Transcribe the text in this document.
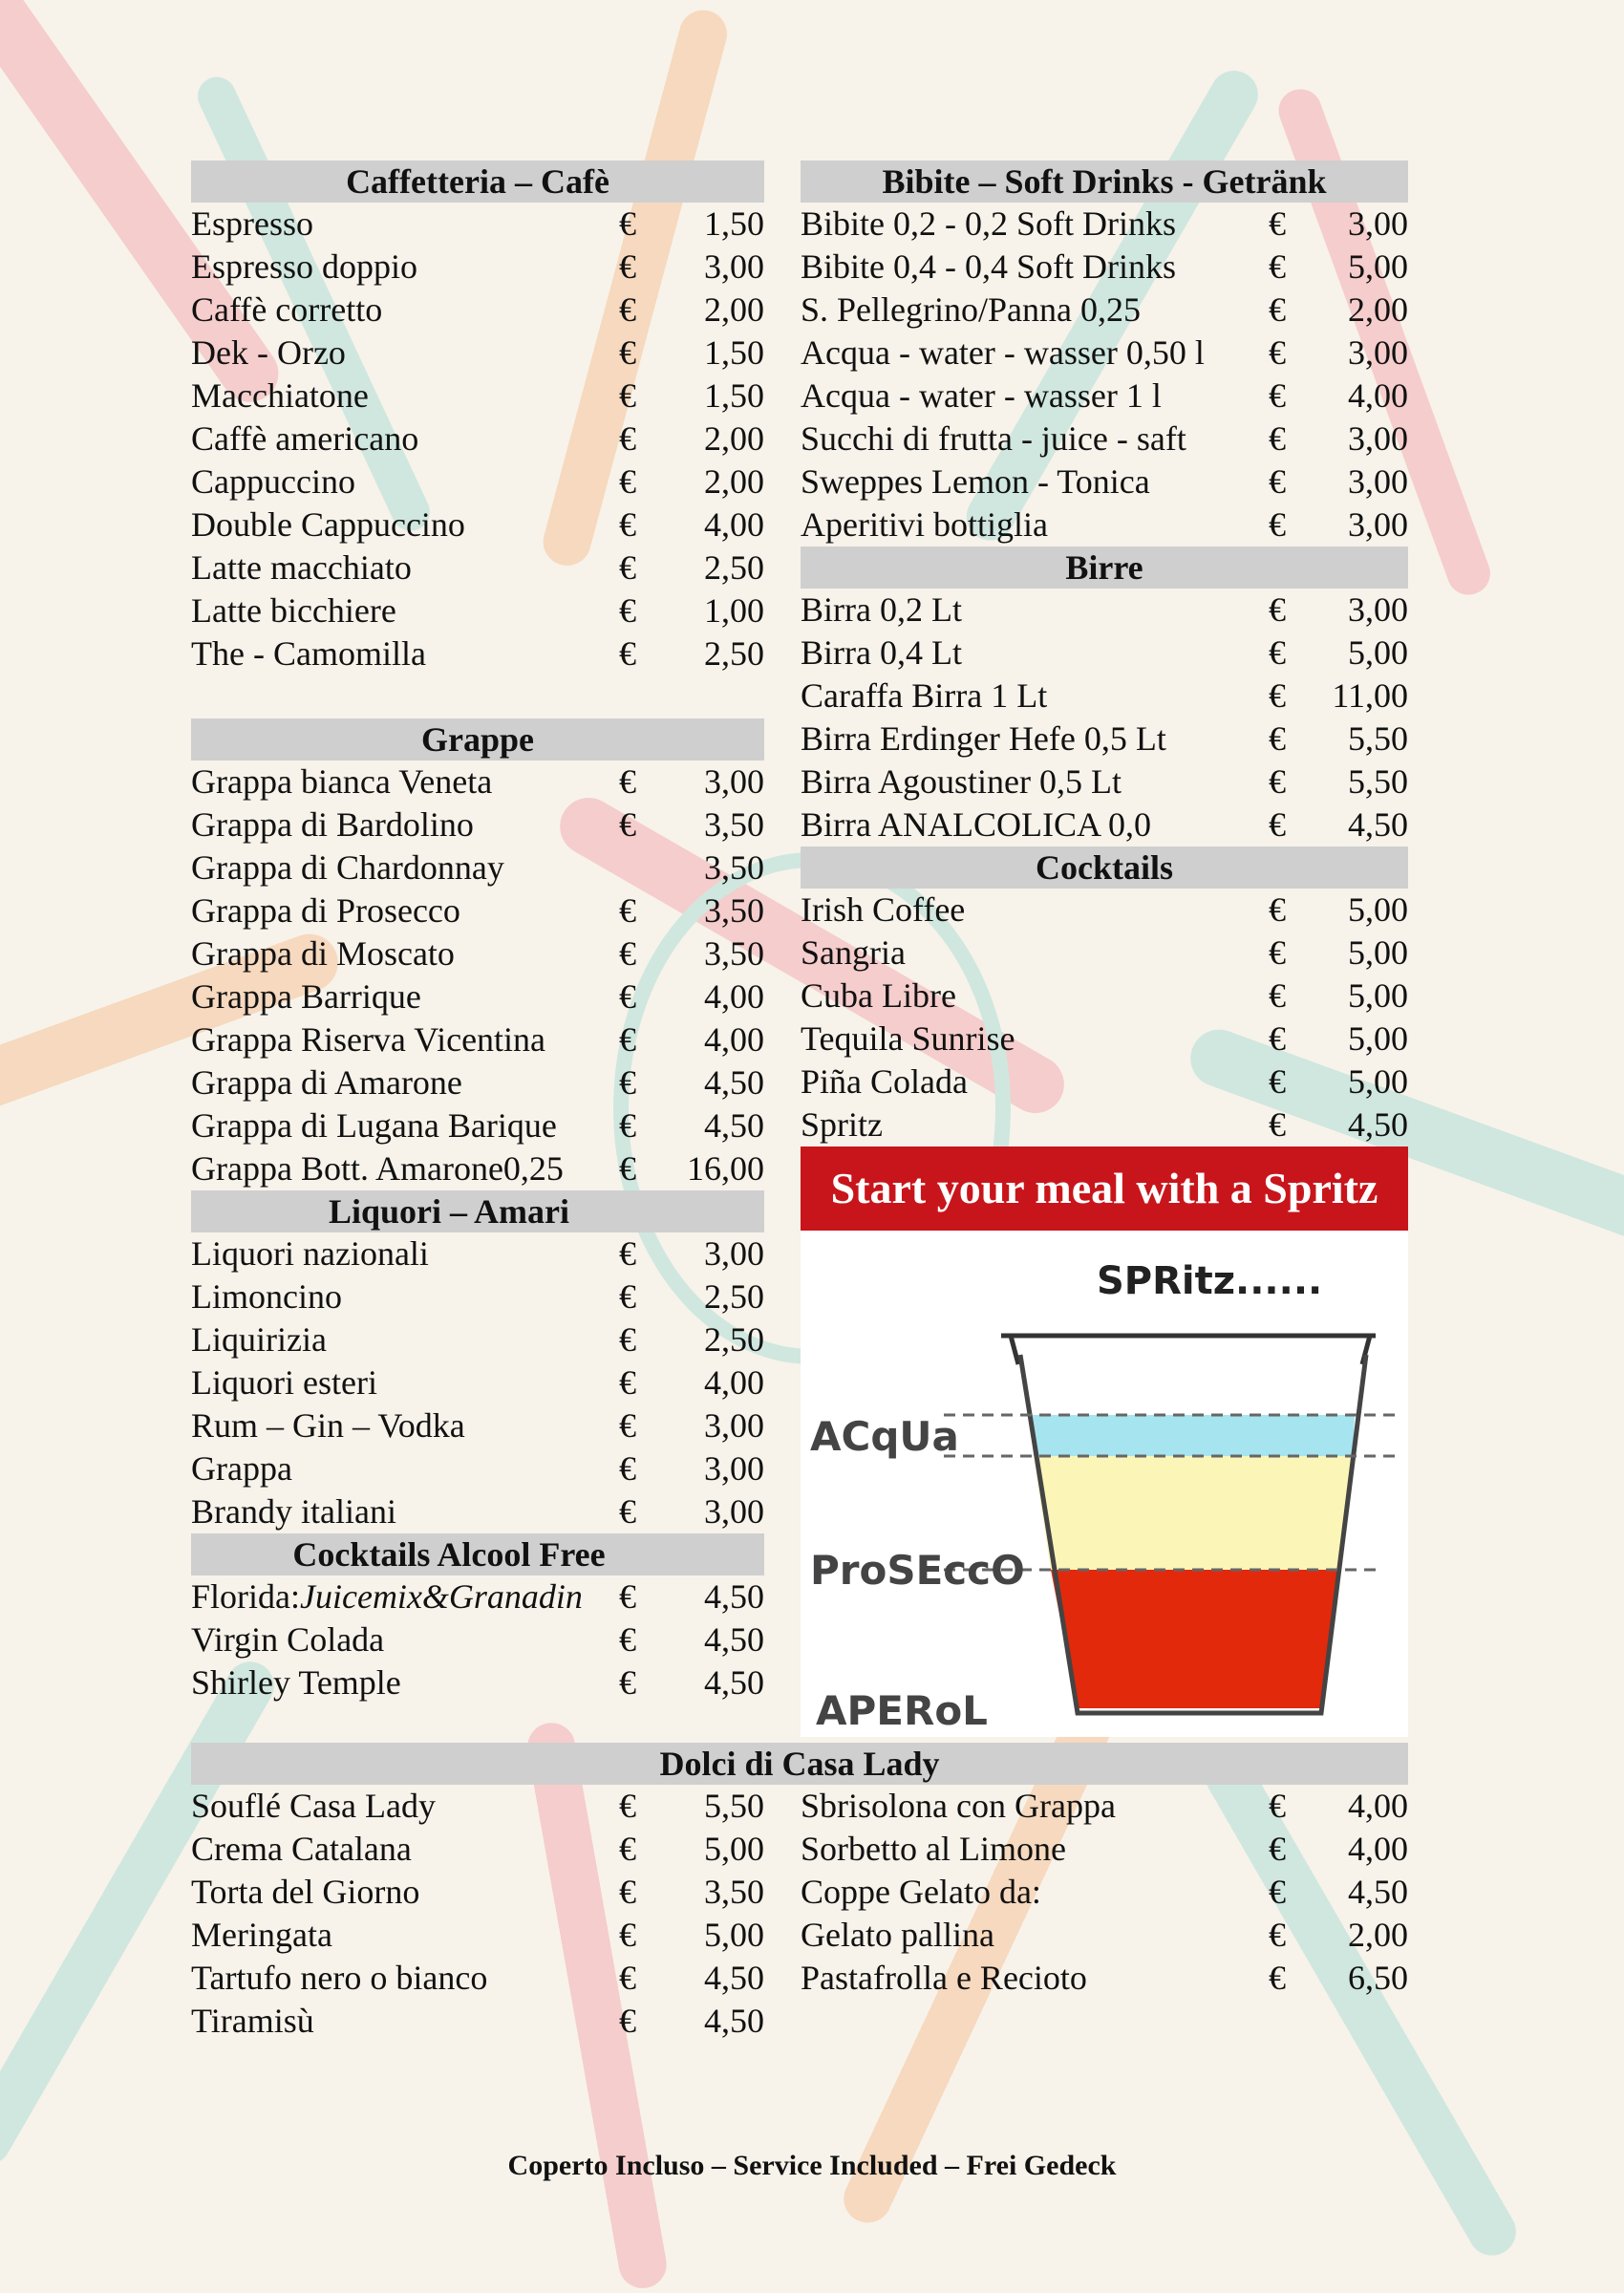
Caffetteria – Cafè
Espresso	€ 1,50
Espresso doppio	€ 3,00
Caffè corretto	€ 2,00
Dek - Orzo	€ 1,50
Macchiatone	€ 1,50
Caffè americano	€ 2,00
Cappuccino	€ 2,00
Double Cappuccino	€ 4,00
Latte macchiato	€ 2,50
Latte bicchiere	€ 1,00
The - Camomilla	€ 2,50
Grappe
Grappa bianca Veneta	€ 3,00
Grappa di Bardolino	€ 3,50
Grappa di Chardonnay	3,50
Grappa di Prosecco	€ 3,50
Grappa di Moscato	€ 3,50
Grappa Barrique	€ 4,00
Grappa Riserva Vicentina € 4,00
Grappa di Amarone	€ 4,50
Grappa di Lugana Barique € 4,50
Grappa Bott. Amarone0,25 € 16,00
Liquori – Amari
Liquori nazionali	€ 3,00
Limoncino	€ 2,50
Liquirizia	€ 2,50
Liquori esteri	€ 4,00
Rum – Gin – Vodka	€ 3,00
Grappa	€ 3,00
Brandy italiani	€ 3,00
Cocktails Alcool Free
Florida:Juicemix&Granadin € 4,50
Virgin Colada	€ 4,50
Shirley Temple	€ 4,50
Bibite – Soft Drinks - Getränk
Bibite 0,2 - 0,2 Soft Drinks	€ 3,00
Bibite 0,4 - 0,4 Soft Drinks	€ 5,00
S. Pellegrino/Panna 0,25	€ 2,00
Acqua - water - wasser 0,50 l € 3,00
Acqua - water - wasser 1 l	€ 4,00
Succhi di frutta - juice - saft € 3,00
Sweppes Lemon - Tonica	€ 3,00
Aperitivi bottiglia	€ 3,00
Birre
Birra 0,2 Lt	€ 3,00
Birra 0,4 Lt	€ 5,00
Caraffa Birra 1 Lt	€ 11,00
Birra Erdinger Hefe 0,5 Lt	€ 5,50
Birra Agoustiner 0,5 Lt	€ 5,50
Birra ANALCOLICA 0,0	€ 4,50
Cocktails
Irish Coffee	€ 5,00
Sangria	€ 5,00
Cuba Libre	€ 5,00
Tequila Sunrise	€ 5,00
Piña Colada	€ 5,00
Spritz	€ 4,50
Start your meal with a Spritz
SPRitz......
ACqUa
ProSEccO
APERoL
Dolci di Casa Lady
Souflé Casa Lady	€ 5,50
Crema Catalana	€ 5,00
Torta del Giorno	€ 3,50
Meringata	€ 5,00
Tartufo nero o bianco	€ 4,50
Tiramisù	€ 4,50
Sbrisolona con Grappa	€ 4,00
Sorbetto al Limone	€ 4,00
Coppe Gelato da:	€ 4,50
Gelato pallina	€ 2,00
Pastafrolla e Recioto	€ 6,50
Coperto Incluso – Service Included – Frei Gedeck
